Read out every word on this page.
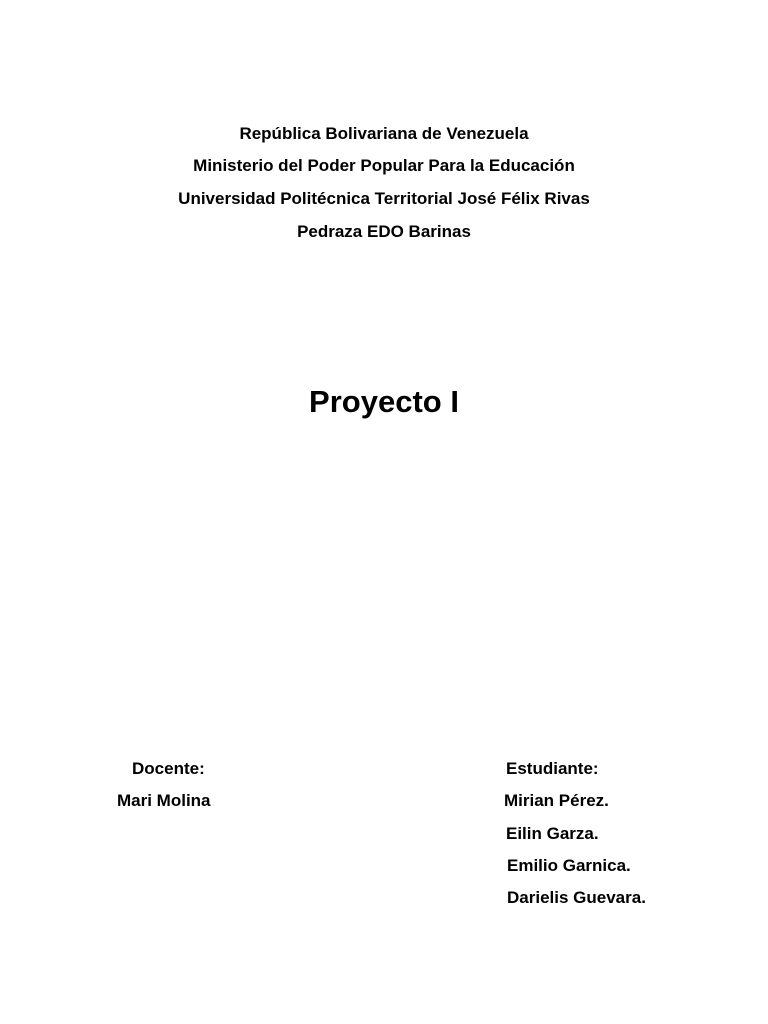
República Bolivariana de Venezuela
Ministerio del Poder Popular Para la Educación
Universidad Politécnica Territorial José Félix Rivas
Pedraza EDO Barinas
Proyecto I
Docente:
Mari Molina
Estudiante:
Mirian Pérez.
Eilin Garza.
Emilio Garnica.
Darielis Guevara.
